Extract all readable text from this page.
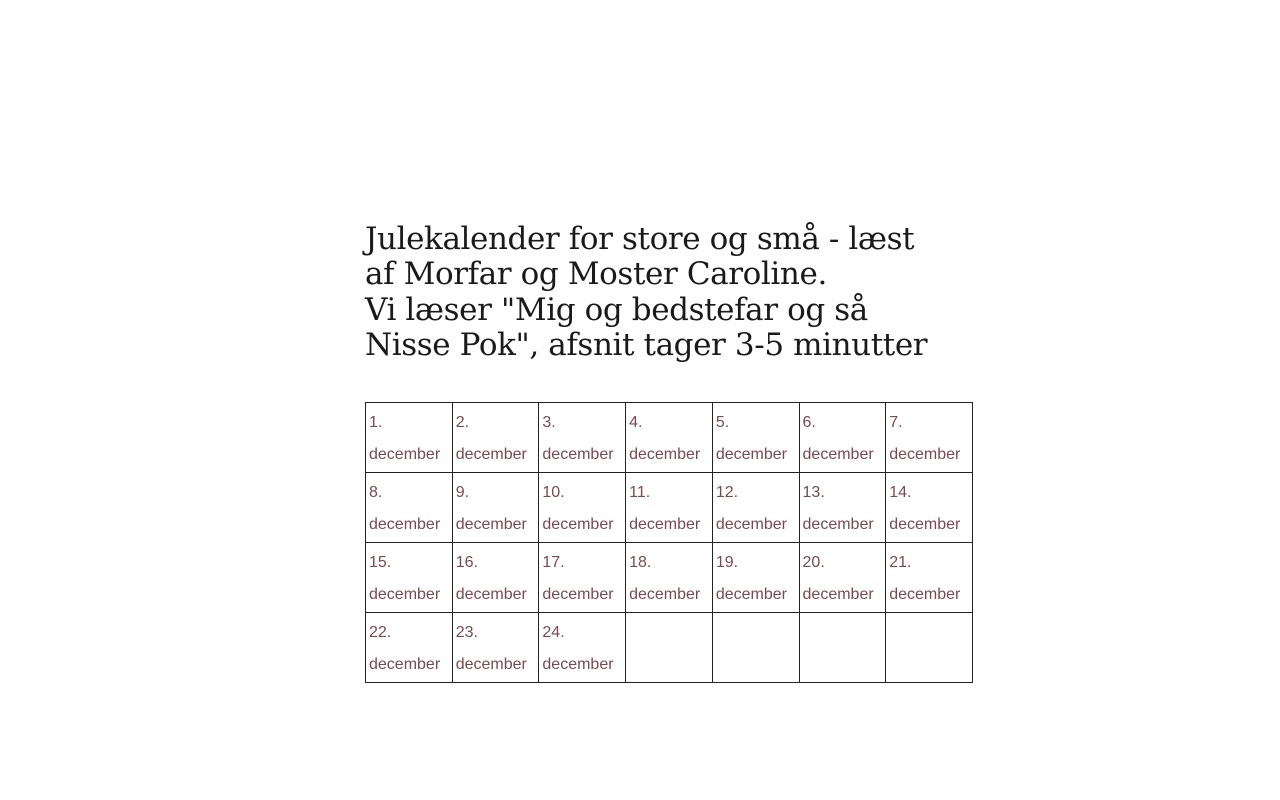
Julekalender for store og små - læst
af Morfar og Moster Caroline.
Vi læser "Mig og bedstefar og så
Nisse Pok", afsnit tager 3-5 minutter
1.
december	2.
december	3.
december	4.
december	5.
december	6.
december	7.
december

8.
december	9.
december	10.
december	11.
december	12.
december	13.
december	14.
december

15.
december	16.
december	17.
december	18.
december	19.
december	20.
december	21.
december

22.
december	23.
december	24.
december				
